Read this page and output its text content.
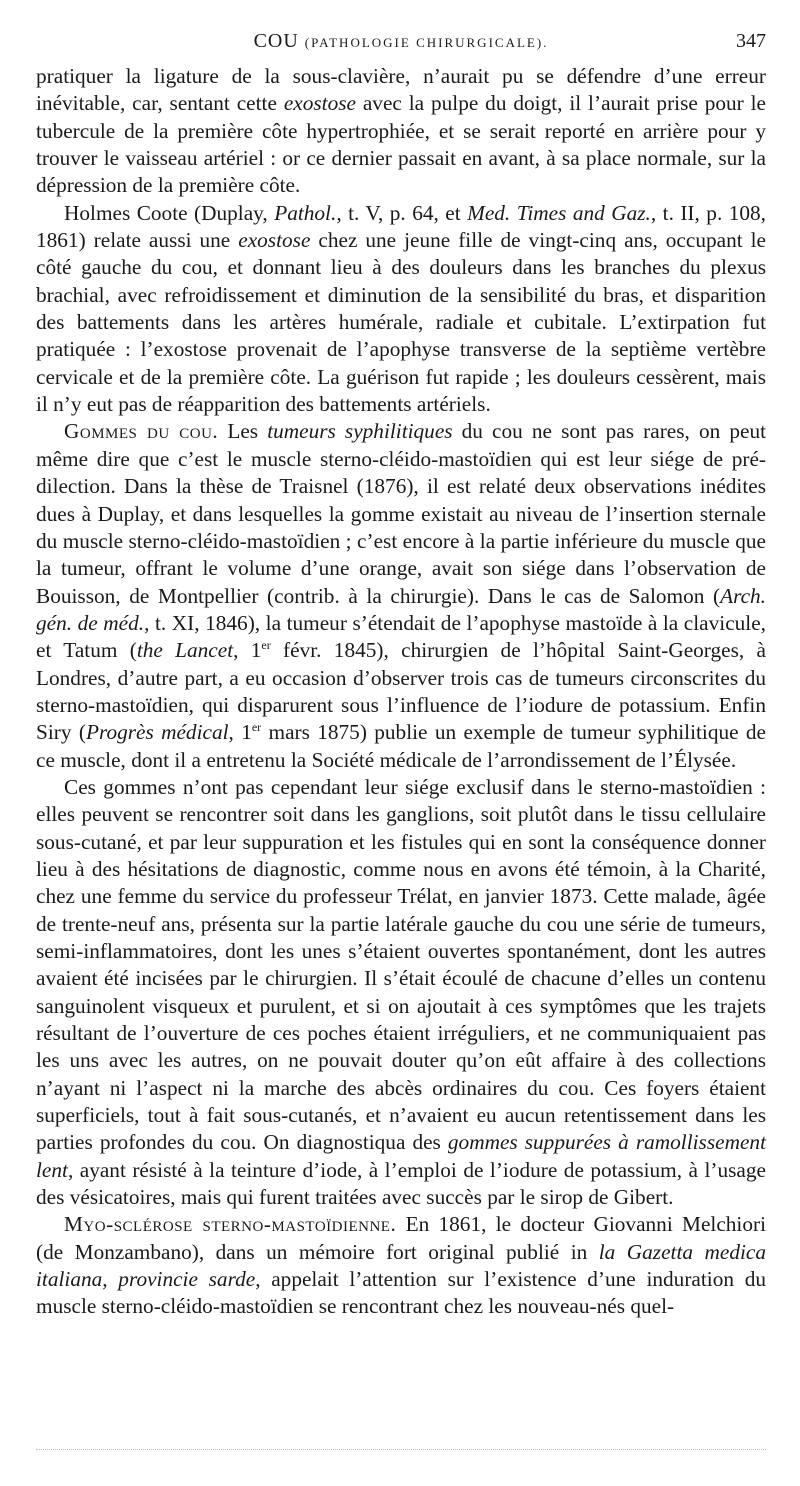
COU (PATHOLOGIE CHIRURGICALE).	347

pratiquer la ligature de la sous-clavière, n’aurait pu se défendre d’une erreur inévitable, car, sentant cette exostose avec la pulpe du doigt, il l’aurait prise pour le tubercule de la première côte hypertrophiée, et se serait reporté en arrière pour y trouver le vaisseau artériel : or ce dernier passait en avant, à sa place normale, sur la dépression de la première côte.

Holmes Coote (Duplay, Pathol., t. V, p. 64, et Med. Times and Gaz., t. II, p. 108, 1861) relate aussi une exostose chez une jeune fille de vingt-cinq ans, occupant le côté gauche du cou, et donnant lieu à des douleurs dans les branches du plexus brachial, avec refroidissement et diminution de la sensibilité du bras, et disparition des battements dans les artères humérale, radiale et cubitale. L’extirpation fut pratiquée : l’exostose provenait de l’apophyse transverse de la septième vertèbre cervicale et de la première côte. La guérison fut rapide ; les douleurs cessèrent, mais il n’y eut pas de réapparition des battements artériels.

Gommes du cou. Les tumeurs syphilitiques du cou ne sont pas rares, on peut même dire que c’est le muscle sterno-cléido-mastoïdien qui est leur siége de prédilection. Dans la thèse de Traisnel (1876), il est relaté deux observations inédites dues à Duplay, et dans lesquelles la gomme existait au niveau de l’insertion sternale du muscle sterno-cléido-mastoïdien ; c’est encore à la partie inférieure du muscle que la tumeur, offrant le volume d’une orange, avait son siége dans l’observation de Bouisson, de Montpellier (contrib. à la chirurgie). Dans le cas de Salomon (Arch. gén. de méd., t. XI, 1846), la tumeur s’étendait de l’apophyse mastoïde à la clavicule, et Tatum (the Lancet, 1er févr. 1845), chirurgien de l’hôpital Saint-Georges, à Londres, d’autre part, a eu occasion d’observer trois cas de tumeurs circonscrites du sterno-mastoïdien, qui disparurent sous l’influence de l’iodure de potassium. Enfin Siry (Progrès médical, 1er mars 1875) publie un exemple de tumeur syphilitique de ce muscle, dont il a entretenu la Société médicale de l’arrondissement de l’Élysée.

Ces gommes n’ont pas cependant leur siége exclusif dans le sterno-mastoïdien : elles peuvent se rencontrer soit dans les ganglions, soit plutôt dans le tissu cellulaire sous-cutané, et par leur suppuration et les fistules qui en sont la conséquence donner lieu à des hésitations de diagnostic, comme nous en avons été témoin, à la Charité, chez une femme du service du professeur Trélat, en janvier 1873. Cette malade, âgée de trente-neuf ans, présenta sur la partie latérale gauche du cou une série de tumeurs, semi-inflammatoires, dont les unes s’étaient ouvertes spontanément, dont les autres avaient été incisées par le chirurgien. Il s’était écoulé de chacune d’elles un contenu sanguinolent visqueux et purulent, et si on ajoutait à ces symptômes que les trajets résultant de l’ouverture de ces poches étaient irréguliers, et ne communiquaient pas les uns avec les autres, on ne pouvait douter qu’on eût affaire à des collections n’ayant ni l’aspect ni la marche des abcès ordinaires du cou. Ces foyers étaient superficiels, tout à fait sous-cutanés, et n’avaient eu aucun retentissement dans les parties profondes du cou. On diagnostiqua des gommes suppurées à ramollissement lent, ayant résisté à la teinture d’iode, à l’emploi de l’iodure de potassium, à l’usage des vésicatoires, mais qui furent traitées avec succès par le sirop de Gibert.

Myo-sclérose sterno-mastoïdienne. En 1861, le docteur Giovanni Melchiori (de Monzambano), dans un mémoire fort original publié in la Gazetta medica italiana, provincie sarde, appelait l’attention sur l’existence d’une induration du muscle sterno-cléido-mastoïdien se rencontrant chez les nouveau-nés quel-
